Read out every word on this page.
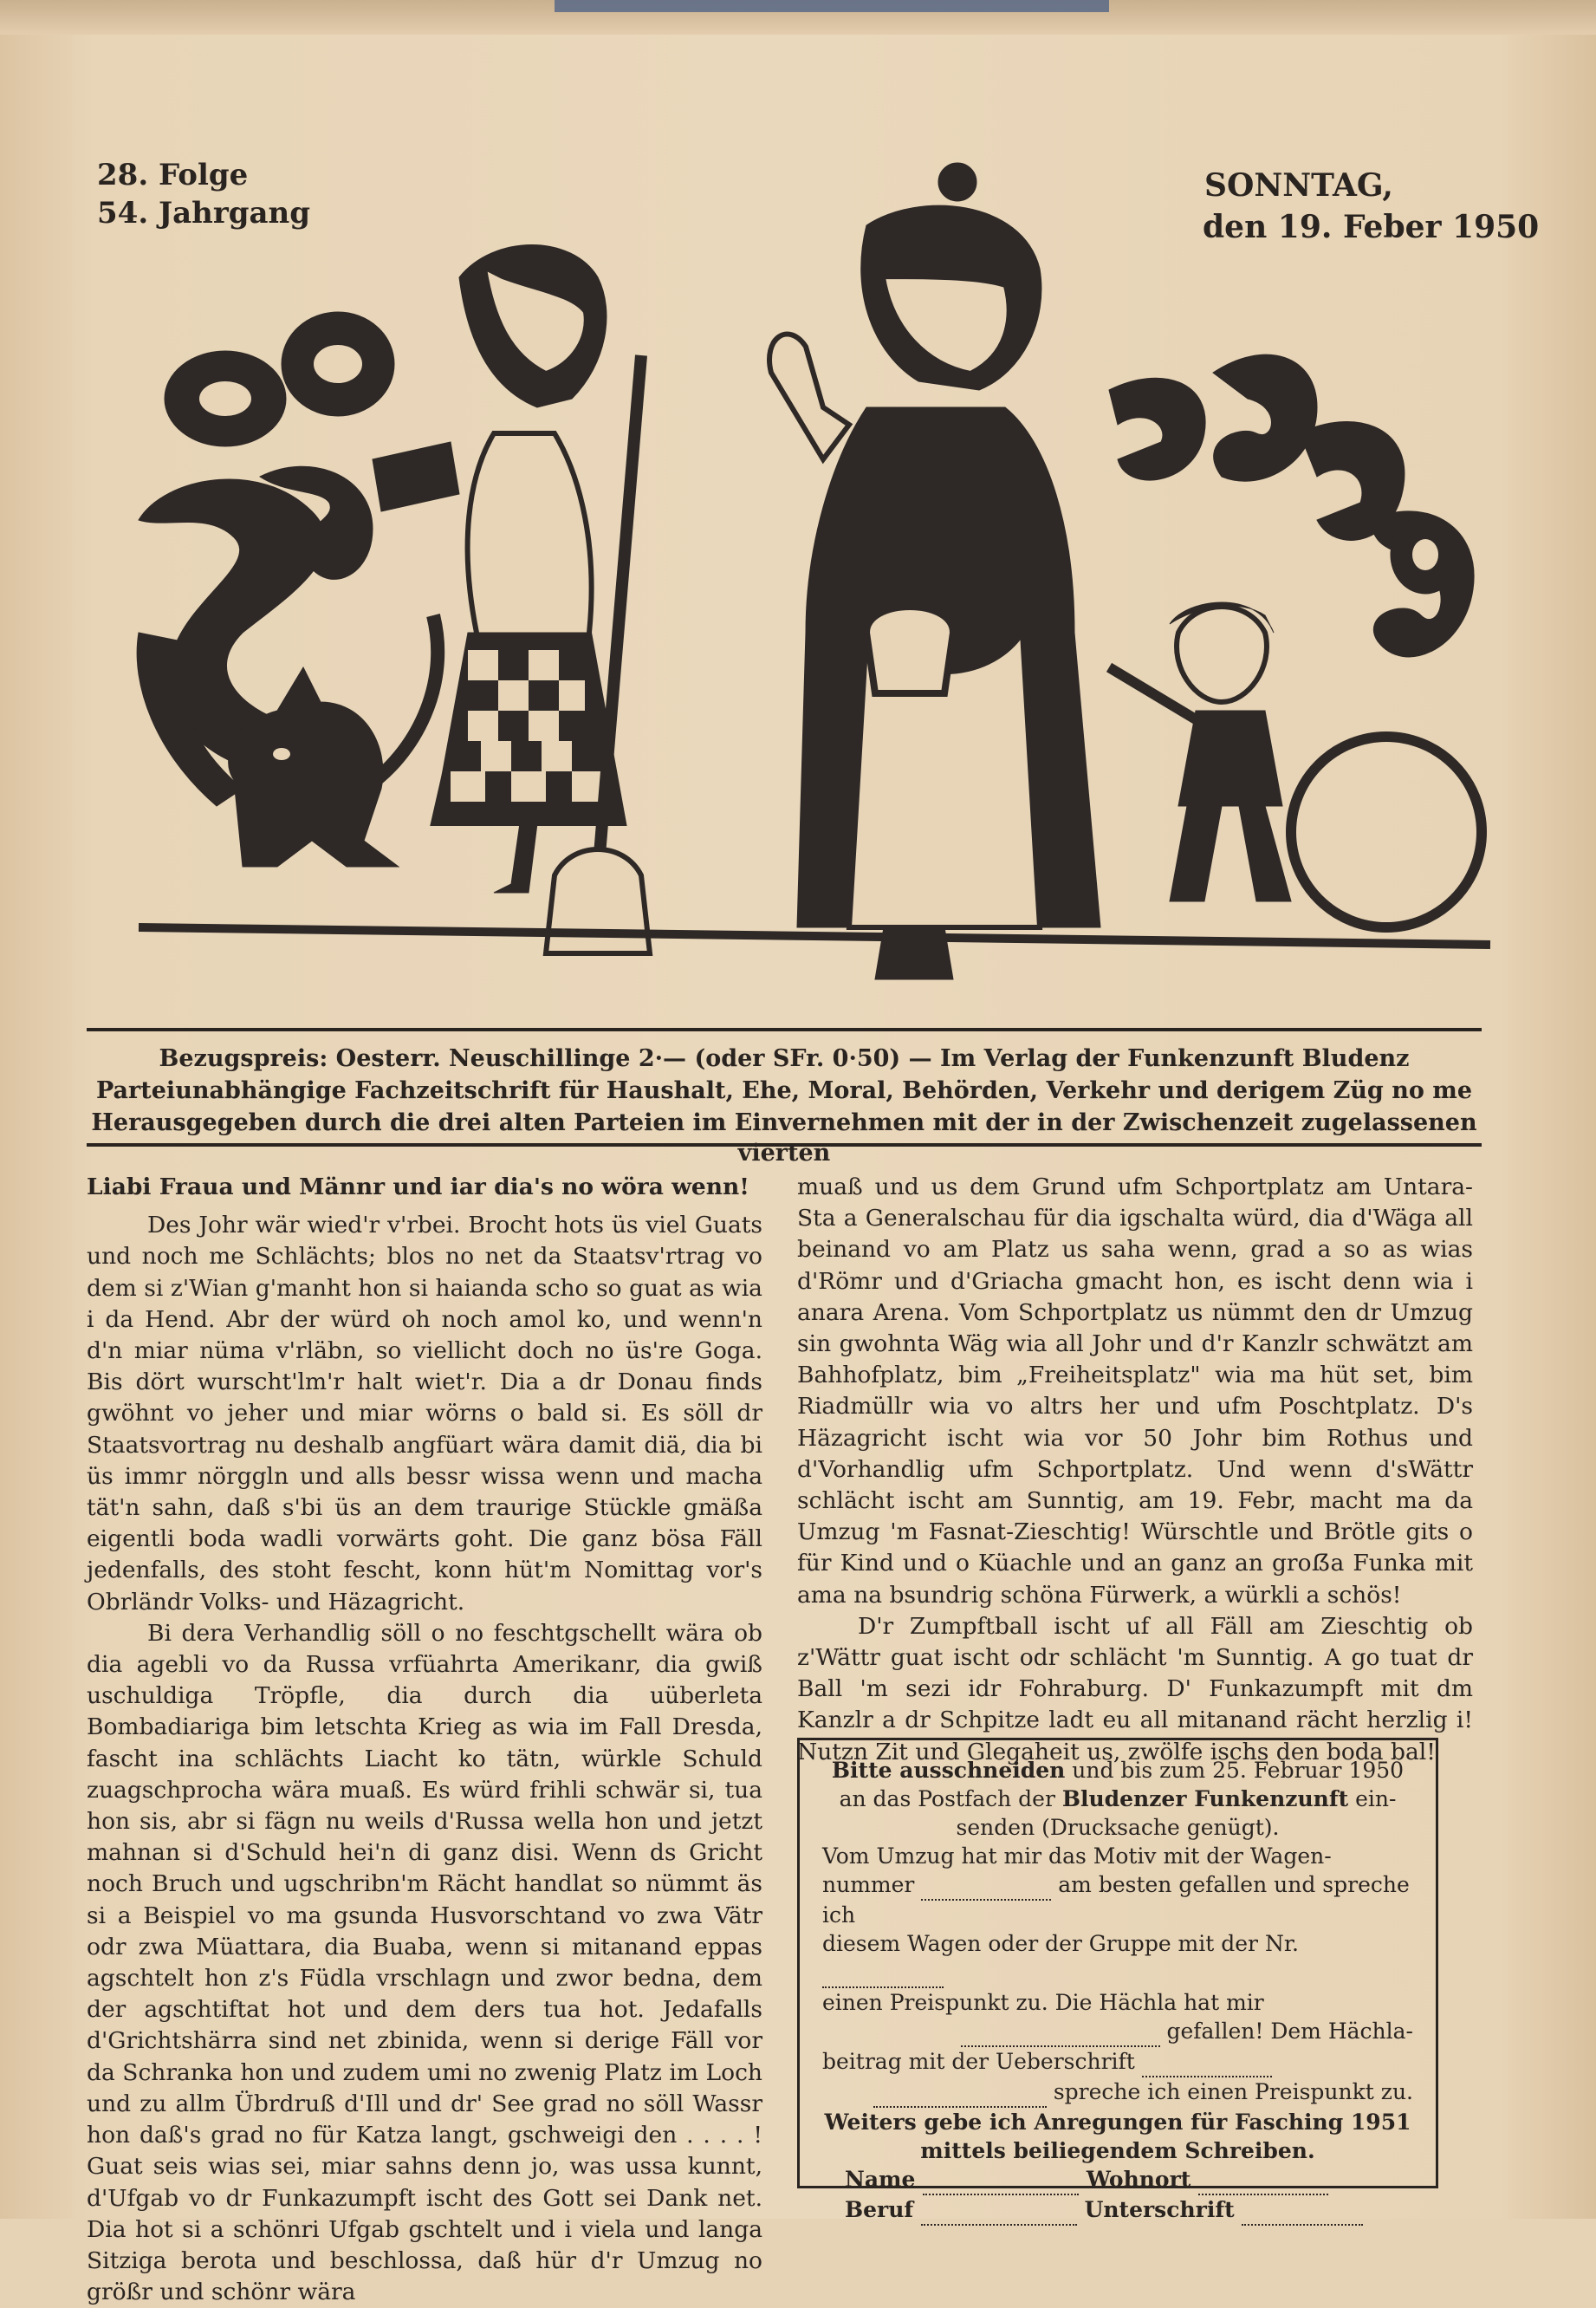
28. Folge
54. Jahrgang
SONNTAG,
den 19. Feber 1950
Bezugspreis: Oesterr. Neuschillinge 2·— (oder SFr. 0·50) — Im Verlag der Funkenzunft Bludenz
Parteiunabhängige Fachzeitschrift für Haushalt, Ehe, Moral, Behörden, Verkehr und derigem Züg no me
Herausgegeben durch die drei alten Parteien im Einvernehmen mit der in der Zwischenzeit zugelassenen vierten

Liabi Fraua und Männr und iar dia's no wöra wenn!

Des Johr wär wied'r v'rbei. Brocht hots üs viel Guats und noch me Schlächts; blos no net da Staatsv'rtrag vo dem si z'Wian g'manht hon si haianda scho so guat as wia i da Hend. Abr der würd oh noch amol ko, und wenn'n d'n miar nüma v'rläbn, so viellicht doch no üs're Goga. Bis dört wurscht'lm'r halt wiet'r. Dia a dr Donau finds gwöhnt vo jeher und miar wörns o bald si. Es söll dr Staatsvortrag nu deshalb angfüart wära damit diä, dia bi üs immr nörggln und alls bessr wissa wenn und macha tät'n sahn, daß s'bi üs an dem traurige Stückle gmäßa eigentli boda wadli vorwärts goht. Die ganz bösa Fäll jedenfalls, des stoht fescht, konn hüt'm Nomittag vor's Obrländr Volks- und Häzagricht.

Bi dera Verhandlig söll o no feschtgschellt wära ob dia agebli vo da Russa vrfüahrta Amerikanr, dia gwiß uschuldiga Tröpfle, dia durch dia uüberleta Bombadiariga bim letschta Krieg as wia im Fall Dresda, fascht ina schlächts Liacht ko tätn, würkle Schuld zuagschprocha wära muaß. Es würd frihli schwär si, tua hon sis, abr si fägn nu weils d'Russa wella hon und jetzt mahnan si d'Schuld hei'n di ganz disi. Wenn ds Gricht noch Bruch und ugschribn'm Rächt handlat so nümmt äs si a Beispiel vo ma gsunda Husvorschtand vo zwa Vätr odr zwa Müattara, dia Buaba, wenn si mitanand eppas agschtelt hon z's Füdla vrschlagn und zwor bedna, dem der agschtiftat hot und dem ders tua hot. Jedafalls d'Grichtshärra sind net zbinida, wenn si derige Fäll vor da Schranka hon und zudem umi no zwenig Platz im Loch und zu allm Übrdruß d'Ill und dr' See grad no söll Wassr hon daß's grad no für Katza langt, gschweigi den . . . . ! Guat seis wias sei, miar sahns denn jo, was ussa kunnt, d'Ufgab vo dr Funkazumpft ischt des Gott sei Dank net. Dia hot si a schönri Ufgab gschtelt und i viela und langa Sitziga berota und beschlossa, daß hür d'r Umzug no größr und schönr wära

muaß und us dem Grund ufm Schportplatz am Untara-Sta a Generalschau für dia igschalta würd, dia d'Wäga all beinand vo am Platz us saha wenn, grad a so as wias d'Römr und d'Griacha gmacht hon, es ischt denn wia i anara Arena. Vom Schportplatz us nümmt den dr Umzug sin gwohnta Wäg wia all Johr und d'r Kanzlr schwätzt am Bahhofplatz, bim „Freiheitsplatz" wia ma hüt set, bim Riadmüllr wia vo altrs her und ufm Poschtplatz. D's Häzagricht ischt wia vor 50 Johr bim Rothus und d'Vorhandlig ufm Schportplatz. Und wenn d'sWättr schlächt ischt am Sunntig, am 19. Febr, macht ma da Umzug 'm Fasnat-Zieschtig! Würschtle und Brötle gits o für Kind und o Küachle und an ganz an groẞa Funka mit ama na bsundrig schöna Fürwerk, a würkli a schös!

D'r Zumpftball ischt uf all Fäll am Zieschtig ob z'Wättr guat ischt odr schlächt 'm Sunntig. A go tuat dr Ball 'm sezi idr Fohraburg. D' Funkazumpft mit dm Kanzlr a dr Schpitze ladt eu all mitanand rächt herzlig i! Nutzn Zit und Glegaheit us, zwölfe ischs den boda bal!

Bitte ausschneiden und bis zum 25. Februar 1950
an das Postfach der Bludenzer Funkenzunft ein-
senden (Drucksache genügt).
Vom Umzug hat mir das Motiv mit der Wagen-
nummer	am besten gefallen und spreche ich
diesem Wagen oder der Gruppe mit der Nr.
einen Preispunkt zu. Die Hächla hat mir
gefallen! Dem Hächla-
beitrag mit der Ueberschrift
spreche ich einen Preispunkt zu.
Weiters gebe ich Anregungen für Fasching 1951
mittels beiliegendem Schreiben.
Name	Wohnort
Beruf	Unterschrift
